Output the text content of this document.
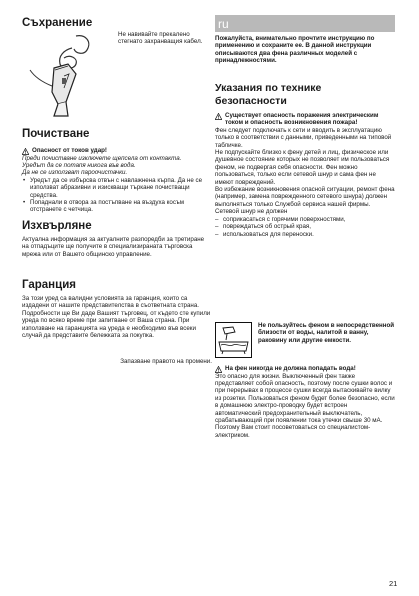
Съхранение

Не навивайте прекалено стегнато захранващия кабел.

Почистване
Опасност от токов удар!

Преди почистване изключете щепсела от контакта.

Уредът да се потапя никога във вода.

Да не се използват пароочистачки.

• Уредът да се избърсва отвън с навлажнена кърпа. Да не се използват абразивни и изискващи търкане почистващи средства.
• Попаднали в отвора за постъпване на въздуха косъм отстранете с четчица.
Изхвърляне

Актуална информация за актуалните разпоредби за третиране на отпадъците ще получите в специализираната търговска мрежа или от Вашето общинско управление.

Гаранция

За този уред са валидни условията за гаранция, които са издадени от нашите представителства в съответната страна. Подробности ще Ви даде Вашият търговец, от където сте купили уреда по всяко време при запитване от Ваша страна. При използване на гаранцията на уреда е необходимо във всеки случай да представите бележката за покупка.

Запазване правото на промени.

ru

Пожалуйста, внимательно прочтите инструкцию по применению и сохраните ее. В данной инструкции описываются два фена различных моделей с принадлежностями.

Указания по технике безопасности
Существует опасность поражения электрическим током и опасность возникновения пожара!

Фен следует подключать к сети и вводить в эксплуатацию только в соответствии с данными, приведенными на типовой табличке.

Не подпускайте близко к фену детей и лиц, физическое или душевное состояние которых не позволяет им пользоваться феном, не подвергая себя опасности. Фен можно пользоваться, только если сетевой шнур и сама фен не имеют повреждений.

Во избежание возникновения опасной ситуации, ремонт фена (например, замена поврежденного сетевого шнура) должен выполняться только Службой сервиса нашей фирмы.

Сетевой шнур не должен

– соприкасаться с горячими поверхностями,
– повреждаться об острый края,
– использоваться для переноски.

Не пользуйтесь феном в непосредственной близости от воды, налитой в ванну, раковину или другие емкости.

На фен никогда не должна попадать вода!

Это опасно для жизни. Выключенный фен также представляет собой опасность, поэтому после сушки волос и при перерывах в процессе сушки всегда вытаскивайте вилку из розетки. Пользоваться феном будет более безопасно, если в домашнюю электро-проводку будет встроен автоматический предохранительный выключатель, срабатывающий при появлении тока утечки свыше 30 мА. Поэтому Вам стоит посоветоваться со специалистом-электриком.

21
